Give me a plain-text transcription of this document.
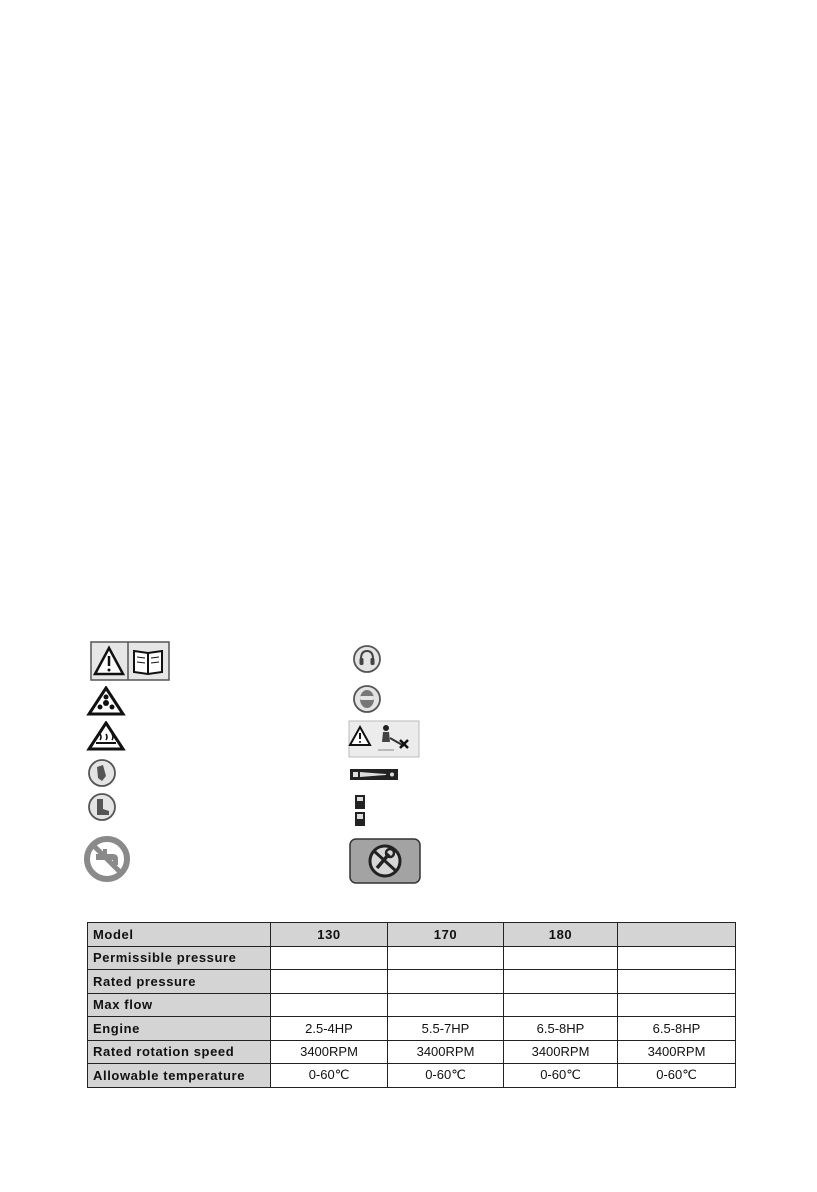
Model	130	170	180	
Permissible pressure				
Rated pressure				
Max flow				
Engine	2.5-4HP	5.5-7HP	6.5-8HP	6.5-8HP
Rated rotation speed	3400RPM	3400RPM	3400RPM	3400RPM
Allowable temperature	0-60℃	0-60℃	0-60℃	0-60℃
